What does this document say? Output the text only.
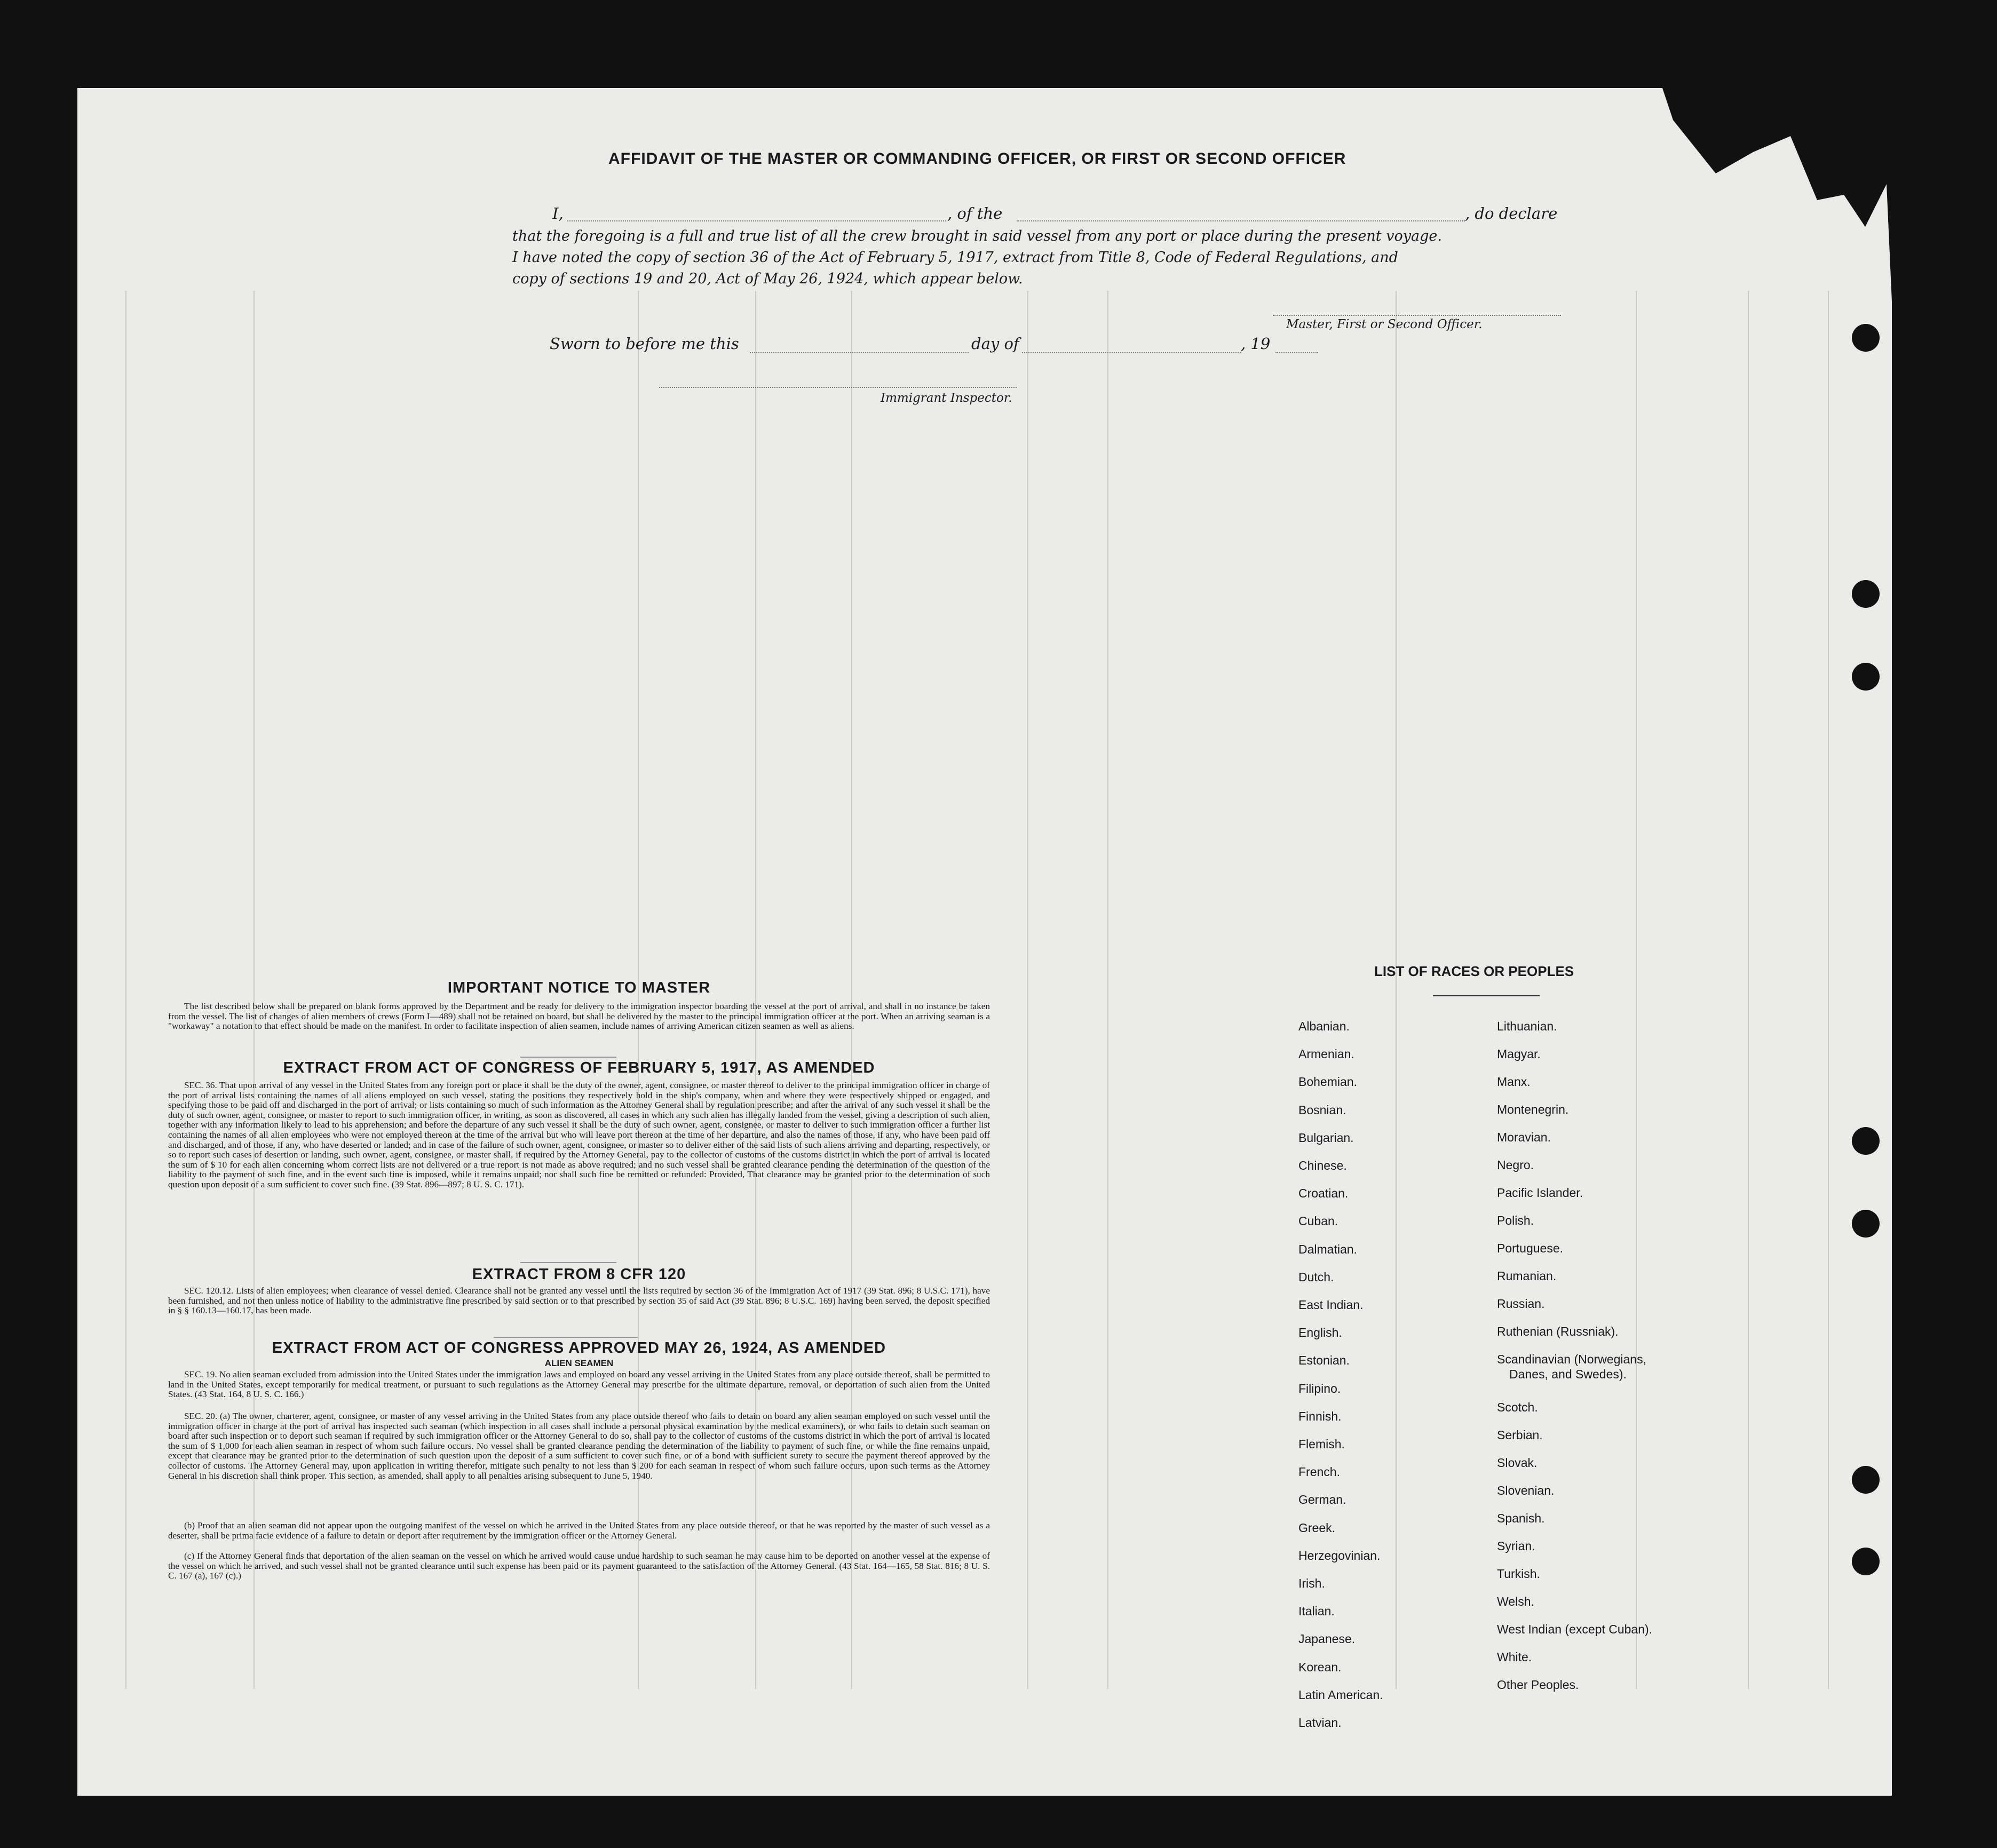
AFFIDAVIT OF THE MASTER OR COMMANDING OFFICER, OR FIRST OR SECOND OFFICER
I,	, of the	, do declare
that the foregoing is a full and true list of all the crew brought in said vessel from any port or place during the present voyage.
I have noted the copy of section 36 of the Act of February 5, 1917, extract from Title 8, Code of Federal Regulations, and
copy of sections 19 and 20, Act of May 26, 1924, which appear below.
Master, First or Second Officer.
Sworn to before me this	day of	, 19
Immigrant Inspector.
IMPORTANT NOTICE TO MASTER

The list described below shall be prepared on blank forms approved by the Department and be ready for delivery to the immigration inspector boarding the vessel at the port of arrival, and shall in no instance be taken from the vessel. The list of changes of alien members of crews (Form I—489) shall not be retained on board, but shall be delivered by the master to the principal immigration officer at the port. When an arriving seaman is a "workaway" a notation to that effect should be made on the manifest. In order to facilitate inspection of alien seamen, include names of arriving American citizen seamen as well as aliens.

EXTRACT FROM ACT OF CONGRESS OF FEBRUARY 5, 1917, AS AMENDED

SEC. 36. That upon arrival of any vessel in the United States from any foreign port or place it shall be the duty of the owner, agent, consignee, or master thereof to deliver to the principal immigration officer in charge of the port of arrival lists containing the names of all aliens employed on such vessel, stating the positions they respectively hold in the ship's company, when and where they were respectively shipped or engaged, and specifying those to be paid off and discharged in the port of arrival; or lists containing so much of such information as the Attorney General shall by regulation prescribe; and after the arrival of any such vessel it shall be the duty of such owner, agent, consignee, or master to report to such immigration officer, in writing, as soon as discovered, all cases in which any such alien has illegally landed from the vessel, giving a description of such alien, together with any information likely to lead to his apprehension; and before the departure of any such vessel it shall be the duty of such owner, agent, consignee, or master to deliver to such immigration officer a further list containing the names of all alien employees who were not employed thereon at the time of the arrival but who will leave port thereon at the time of her departure, and also the names of those, if any, who have been paid off and discharged, and of those, if any, who have deserted or landed; and in case of the failure of such owner, agent, consignee, or master so to deliver either of the said lists of such aliens arriving and departing, respectively, or so to report such cases of desertion or landing, such owner, agent, consignee, or master shall, if required by the Attorney General, pay to the collector of customs of the customs district in which the port of arrival is located the sum of $ 10 for each alien concerning whom correct lists are not delivered or a true report is not made as above required; and no such vessel shall be granted clearance pending the determination of the question of the liability to the payment of such fine, and in the event such fine is imposed, while it remains unpaid; nor shall such fine be remitted or refunded: Provided, That clearance may be granted prior to the determination of such question upon deposit of a sum sufficient to cover such fine. (39 Stat. 896—897; 8 U. S. C. 171).

EXTRACT FROM 8 CFR 120

SEC. 120.12. Lists of alien employees; when clearance of vessel denied. Clearance shall not be granted any vessel until the lists required by section 36 of the Immigration Act of 1917 (39 Stat. 896; 8 U.S.C. 171), have been furnished, and not then unless notice of liability to the administrative fine prescribed by said section or to that prescribed by section 35 of said Act (39 Stat. 896; 8 U.S.C. 169) having been served, the deposit specified in § § 160.13—160.17, has been made.

EXTRACT FROM ACT OF CONGRESS APPROVED MAY 26, 1924, AS AMENDED
ALIEN SEAMEN

SEC. 19. No alien seaman excluded from admission into the United States under the immigration laws and employed on board any vessel arriving in the United States from any place outside thereof, shall be permitted to land in the United States, except temporarily for medical treatment, or pursuant to such regulations as the Attorney General may prescribe for the ultimate departure, removal, or deportation of such alien from the United States. (43 Stat. 164, 8 U. S. C. 166.)

SEC. 20. (a) The owner, charterer, agent, consignee, or master of any vessel arriving in the United States from any place outside thereof who fails to detain on board any alien seaman employed on such vessel until the immigration officer in charge at the port of arrival has inspected such seaman (which inspection in all cases shall include a personal physical examination by the medical examiners), or who fails to detain such seaman on board after such inspection or to deport such seaman if required by such immigration officer or the Attorney General to do so, shall pay to the collector of customs of the customs district in which the port of arrival is located the sum of $ 1,000 for each alien seaman in respect of whom such failure occurs. No vessel shall be granted clearance pending the determination of the liability to payment of such fine, or while the fine remains unpaid, except that clearance may be granted prior to the determination of such question upon the deposit of a sum sufficient to cover such fine, or of a bond with sufficient surety to secure the payment thereof approved by the collector of customs. The Attorney General may, upon application in writing therefor, mitigate such penalty to not less than $ 200 for each seaman in respect of whom such failure occurs, upon such terms as the Attorney General in his discretion shall think proper. This section, as amended, shall apply to all penalties arising subsequent to June 5, 1940.

(b) Proof that an alien seaman did not appear upon the outgoing manifest of the vessel on which he arrived in the United States from any place outside thereof, or that he was reported by the master of such vessel as a deserter, shall be prima facie evidence of a failure to detain or deport after requirement by the immigration officer or the Attorney General.

(c) If the Attorney General finds that deportation of the alien seaman on the vessel on which he arrived would cause undue hardship to such seaman he may cause him to be deported on another vessel at the expense of the vessel on which he arrived, and such vessel shall not be granted clearance until such expense has been paid or its payment guaranteed to the satisfaction of the Attorney General. (43 Stat. 164—165, 58 Stat. 816; 8 U. S. C. 167 (a), 167 (c).)

LIST OF RACES OR PEOPLES
Albanian.
Armenian.
Bohemian.
Bosnian.
Bulgarian.
Chinese.
Croatian.
Cuban.
Dalmatian.
Dutch.
East Indian.
English.
Estonian.
Filipino.
Finnish.
Flemish.
French.
German.
Greek.
Herzegovinian.
Irish.
Italian.
Japanese.
Korean.
Latin American.
Latvian.
Lithuanian.
Magyar.
Manx.
Montenegrin.
Moravian.
Negro.
Pacific Islander.
Polish.
Portuguese.
Rumanian.
Russian.
Ruthenian (Russniak).
Scandinavian (Norwegians,
Danes, and Swedes).
Scotch.
Serbian.
Slovak.
Slovenian.
Spanish.
Syrian.
Turkish.
Welsh.
West Indian (except Cuban).
White.
Other Peoples.
